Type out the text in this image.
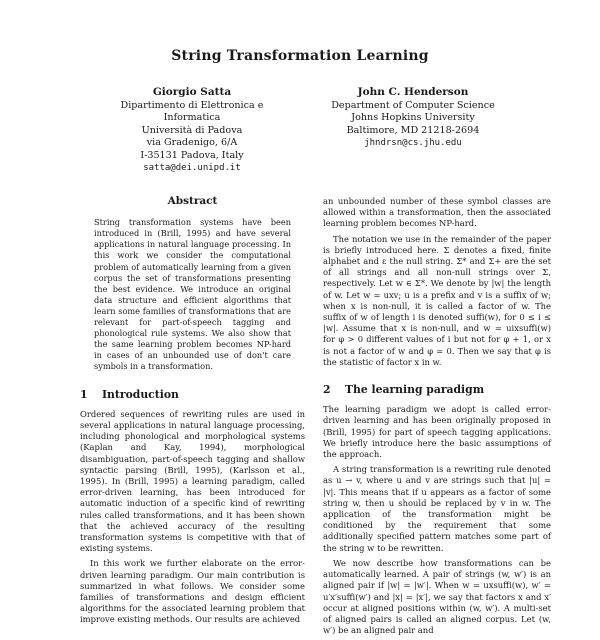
String Transformation Learning
Giorgio Satta
Dipartimento di Elettronica e Informatica
Università di Padova
via Gradenigo, 6/A
I-35131 Padova, Italy
satta@dei.unipd.it
John C. Henderson
Department of Computer Science
Johns Hopkins University
Baltimore, MD 21218-2694
jhndrsn@cs.jhu.edu
Abstract
String transformation systems have been introduced in (Brill, 1995) and have several applications in natural language processing. In this work we consider the computational problem of automatically learning from a given corpus the set of transformations presenting the best evidence. We introduce an original data structure and efficient algorithms that learn some families of transformations that are relevant for part-of-speech tagging and phonological rule systems. We also show that the same learning problem becomes NP-hard in cases of an unbounded use of don't care symbols in a transformation.
1 Introduction

Ordered sequences of rewriting rules are used in several applications in natural language processing, including phonological and morphological systems (Kaplan and Kay, 1994), morphological disambiguation, part-of-speech tagging and shallow syntactic parsing (Brill, 1995), (Karlsson et al., 1995). In (Brill, 1995) a learning paradigm, called error-driven learning, has been introduced for automatic induction of a specific kind of rewriting rules called transformations, and it has been shown that the achieved accuracy of the resulting transformation systems is competitive with that of existing systems.

In this work we further elaborate on the error-driven learning paradigm. Our main contribution is summarized in what follows. We consider some families of transformations and design efficient algorithms for the associated learning problem that improve existing methods. Our results are achieved

an unbounded number of these symbol classes are allowed within a transformation, then the associated learning problem becomes NP-hard.

The notation we use in the remainder of the paper is briefly introduced here. Σ denotes a fixed, finite alphabet and ε the null string. Σ* and Σ+ are the set of all strings and all non-null strings over Σ, respectively. Let w ∈ Σ*. We denote by |w| the length of w. Let w = uxv; u is a prefix and v is a suffix of w; when x is non-null, it is called a factor of w. The suffix of w of length i is denoted suffi(w), for 0 ≤ i ≤ |w|. Assume that x is non-null, and w = uixsuffi(w) for φ > 0 different values of i but not for φ + 1, or x is not a factor of w and φ = 0. Then we say that φ is the statistic of factor x in w.

2 The learning paradigm

The learning paradigm we adopt is called error-driven learning and has been originally proposed in (Brill, 1995) for part of speech tagging applications. We briefly introduce here the basic assumptions of the approach.

A string transformation is a rewriting rule denoted as u → v, where u and v are strings such that |u| = |v|. This means that if u appears as a factor of some string w, then u should be replaced by v in w. The application of the transformation might be conditioned by the requirement that some additionally specified pattern matches some part of the string w to be rewritten.

We now describe how transformations can be automatically learned. A pair of strings (w, w′) is an aligned pair if |w| = |w′|. When w = uxsuffi(w), w′ = u′x′suffi(w′) and |x| = |x′|, we say that factors x and x′ occur at aligned positions within (w, w′). A multi-set of aligned pairs is called an aligned corpus. Let (w, w′) be an aligned pair and
